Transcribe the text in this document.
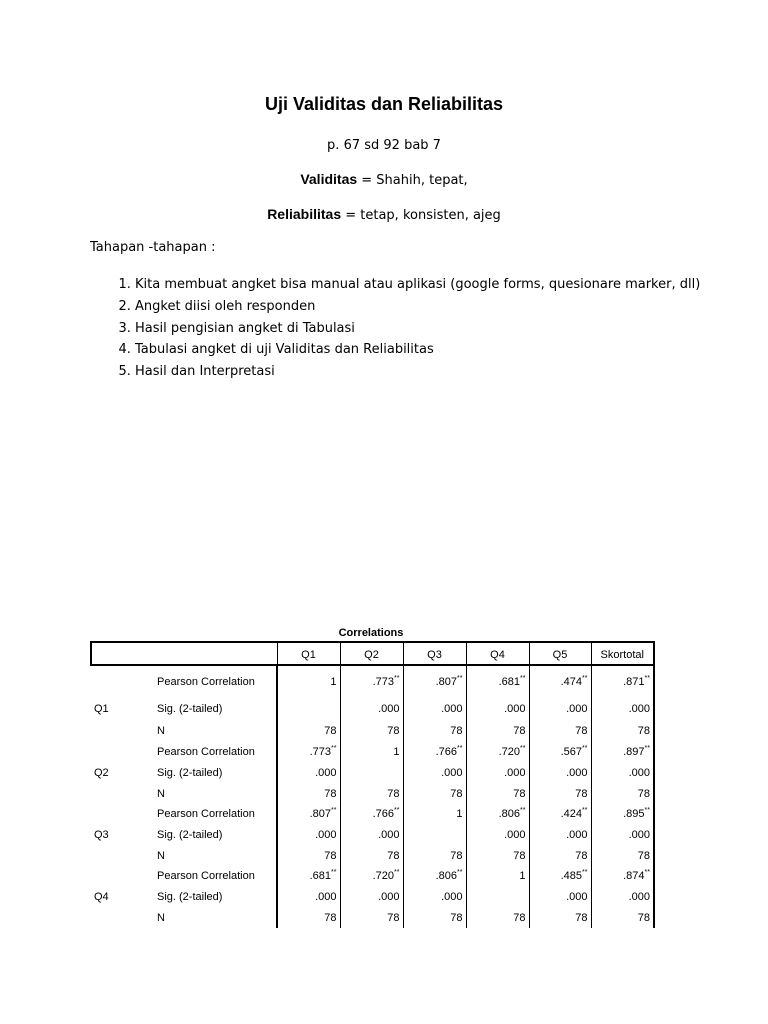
Uji Validitas dan Reliabilitas
p. 67 sd 92 bab 7
Validitas = Shahih, tepat,
Reliabilitas = tetap, konsisten, ajeg
Tahapan -tahapan :
1. Kita membuat angket bisa manual atau aplikasi (google forms, quesionare marker, dll)
2. Angket diisi oleh responden
3. Hasil pengisian angket di Tabulasi
4. Tabulasi angket di uji Validitas dan Reliabilitas
5. Hasil dan Interpretasi
Correlations
		Q1	Q2	Q3	Q4	Q5	Skortotal
	Pearson Correlation	1	.773**	.807**	.681**	.474**	.871**
Q1	Sig. (2-tailed)		.000	.000	.000	.000	.000
	N	78	78	78	78	78	78
	Pearson Correlation	.773**	1	.766**	.720**	.567**	.897**
Q2	Sig. (2-tailed)	.000		.000	.000	.000	.000
	N	78	78	78	78	78	78
	Pearson Correlation	.807**	.766**	1	.806**	.424**	.895**
Q3	Sig. (2-tailed)	.000	.000		.000	.000	.000
	N	78	78	78	78	78	78
	Pearson Correlation	.681**	.720**	.806**	1	.485**	.874**
Q4	Sig. (2-tailed)	.000	.000	.000		.000	.000
	N	78	78	78	78	78	78
